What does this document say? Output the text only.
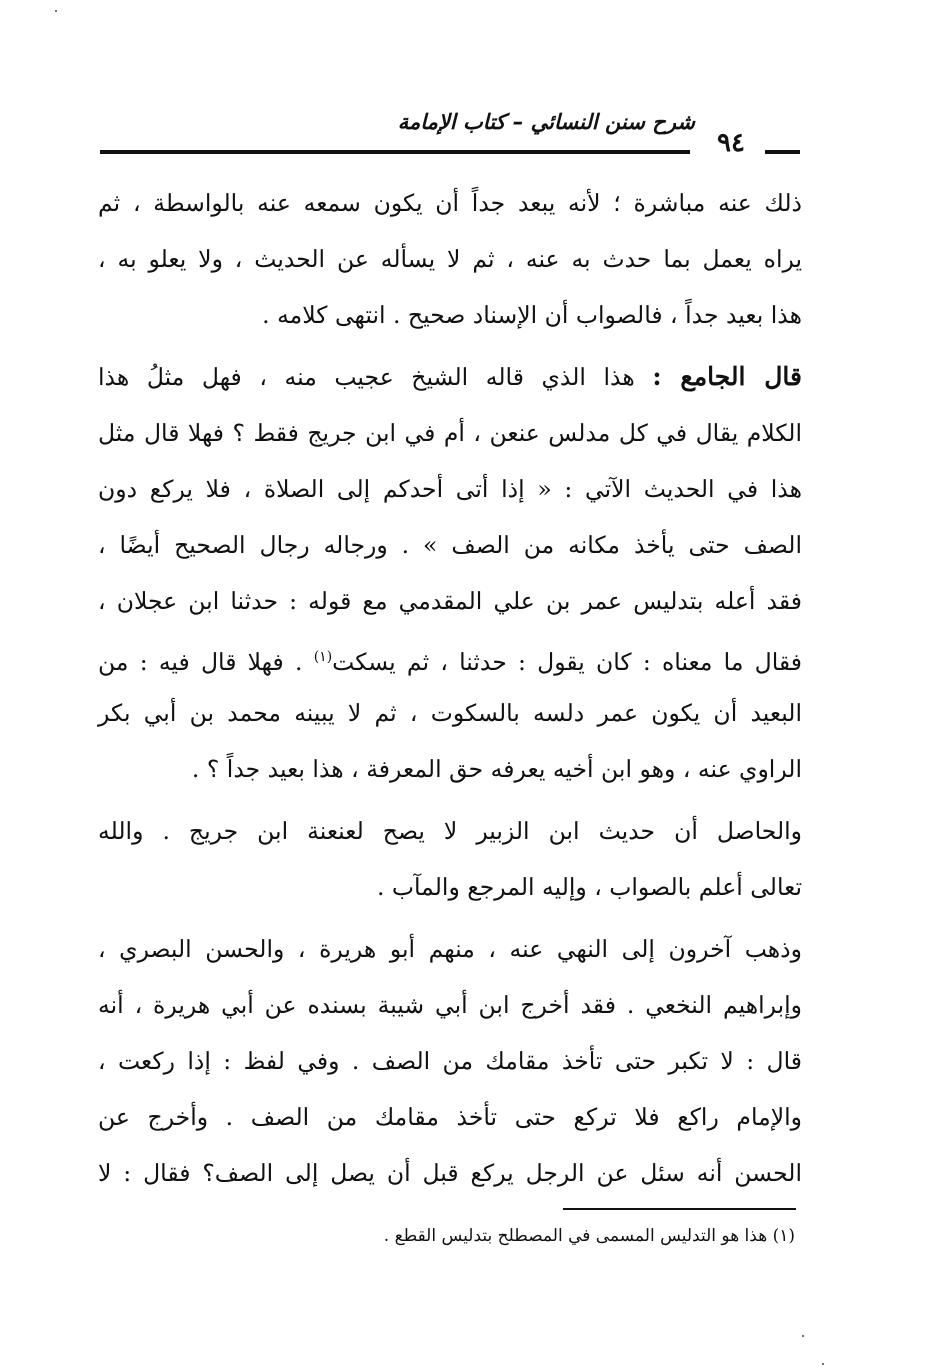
شرح سنن النسائي – كتاب الإمامة
٩٤
ذلك عنه مباشرة ؛ لأنه يبعد جداً أن يكون سمعه عنه بالواسطة ، ثم
يراه يعمل بما حدث به عنه ، ثم لا يسأله عن الحديث ، ولا يعلو به ،
هذا بعيد جداً ، فالصواب أن الإسناد صحيح . انتهى كلامه .
قال الجامع : هذا الذي قاله الشيخ عجيب منه ، فهل مثلُ هذا
الكلام يقال في كل مدلس عنعن ، أم في ابن جريج فقط ؟ فهلا قال مثل
هذا في الحديث الآتي : « إذا أتى أحدكم إلى الصلاة ، فلا يركع دون
الصف حتى يأخذ مكانه من الصف » . ورجاله رجال الصحيح أيضًا ،
فقد أعله بتدليس عمر بن علي المقدمي مع قوله : حدثنا ابن عجلان ،
فقال ما معناه : كان يقول : حدثنا ، ثم يسكت$^{(١)}$ . فهلا قال فيه : من
البعيد أن يكون عمر دلسه بالسكوت ، ثم لا يبينه محمد بن أبي بكر
الراوي عنه ، وهو ابن أخيه يعرفه حق المعرفة ، هذا بعيد جداً ؟ .
والحاصل أن حديث ابن الزبير لا يصح لعنعنة ابن جريج . والله
تعالى أعلم بالصواب ، وإليه المرجع والمآب .
وذهب آخرون إلى النهي عنه ، منهم أبو هريرة ، والحسن البصري ،
وإبراهيم النخعي . فقد أخرج ابن أبي شيبة بسنده عن أبي هريرة ، أنه
قال : لا تكبر حتى تأخذ مقامك من الصف . وفي لفظ : إذا ركعت ،
والإمام راكع فلا تركع حتى تأخذ مقامك من الصف . وأخرج عن
الحسن أنه سئل عن الرجل يركع قبل أن يصل إلى الصف؟ فقال : لا
(١) هذا هو التدليس المسمى في المصطلح بتدليس القطع .
